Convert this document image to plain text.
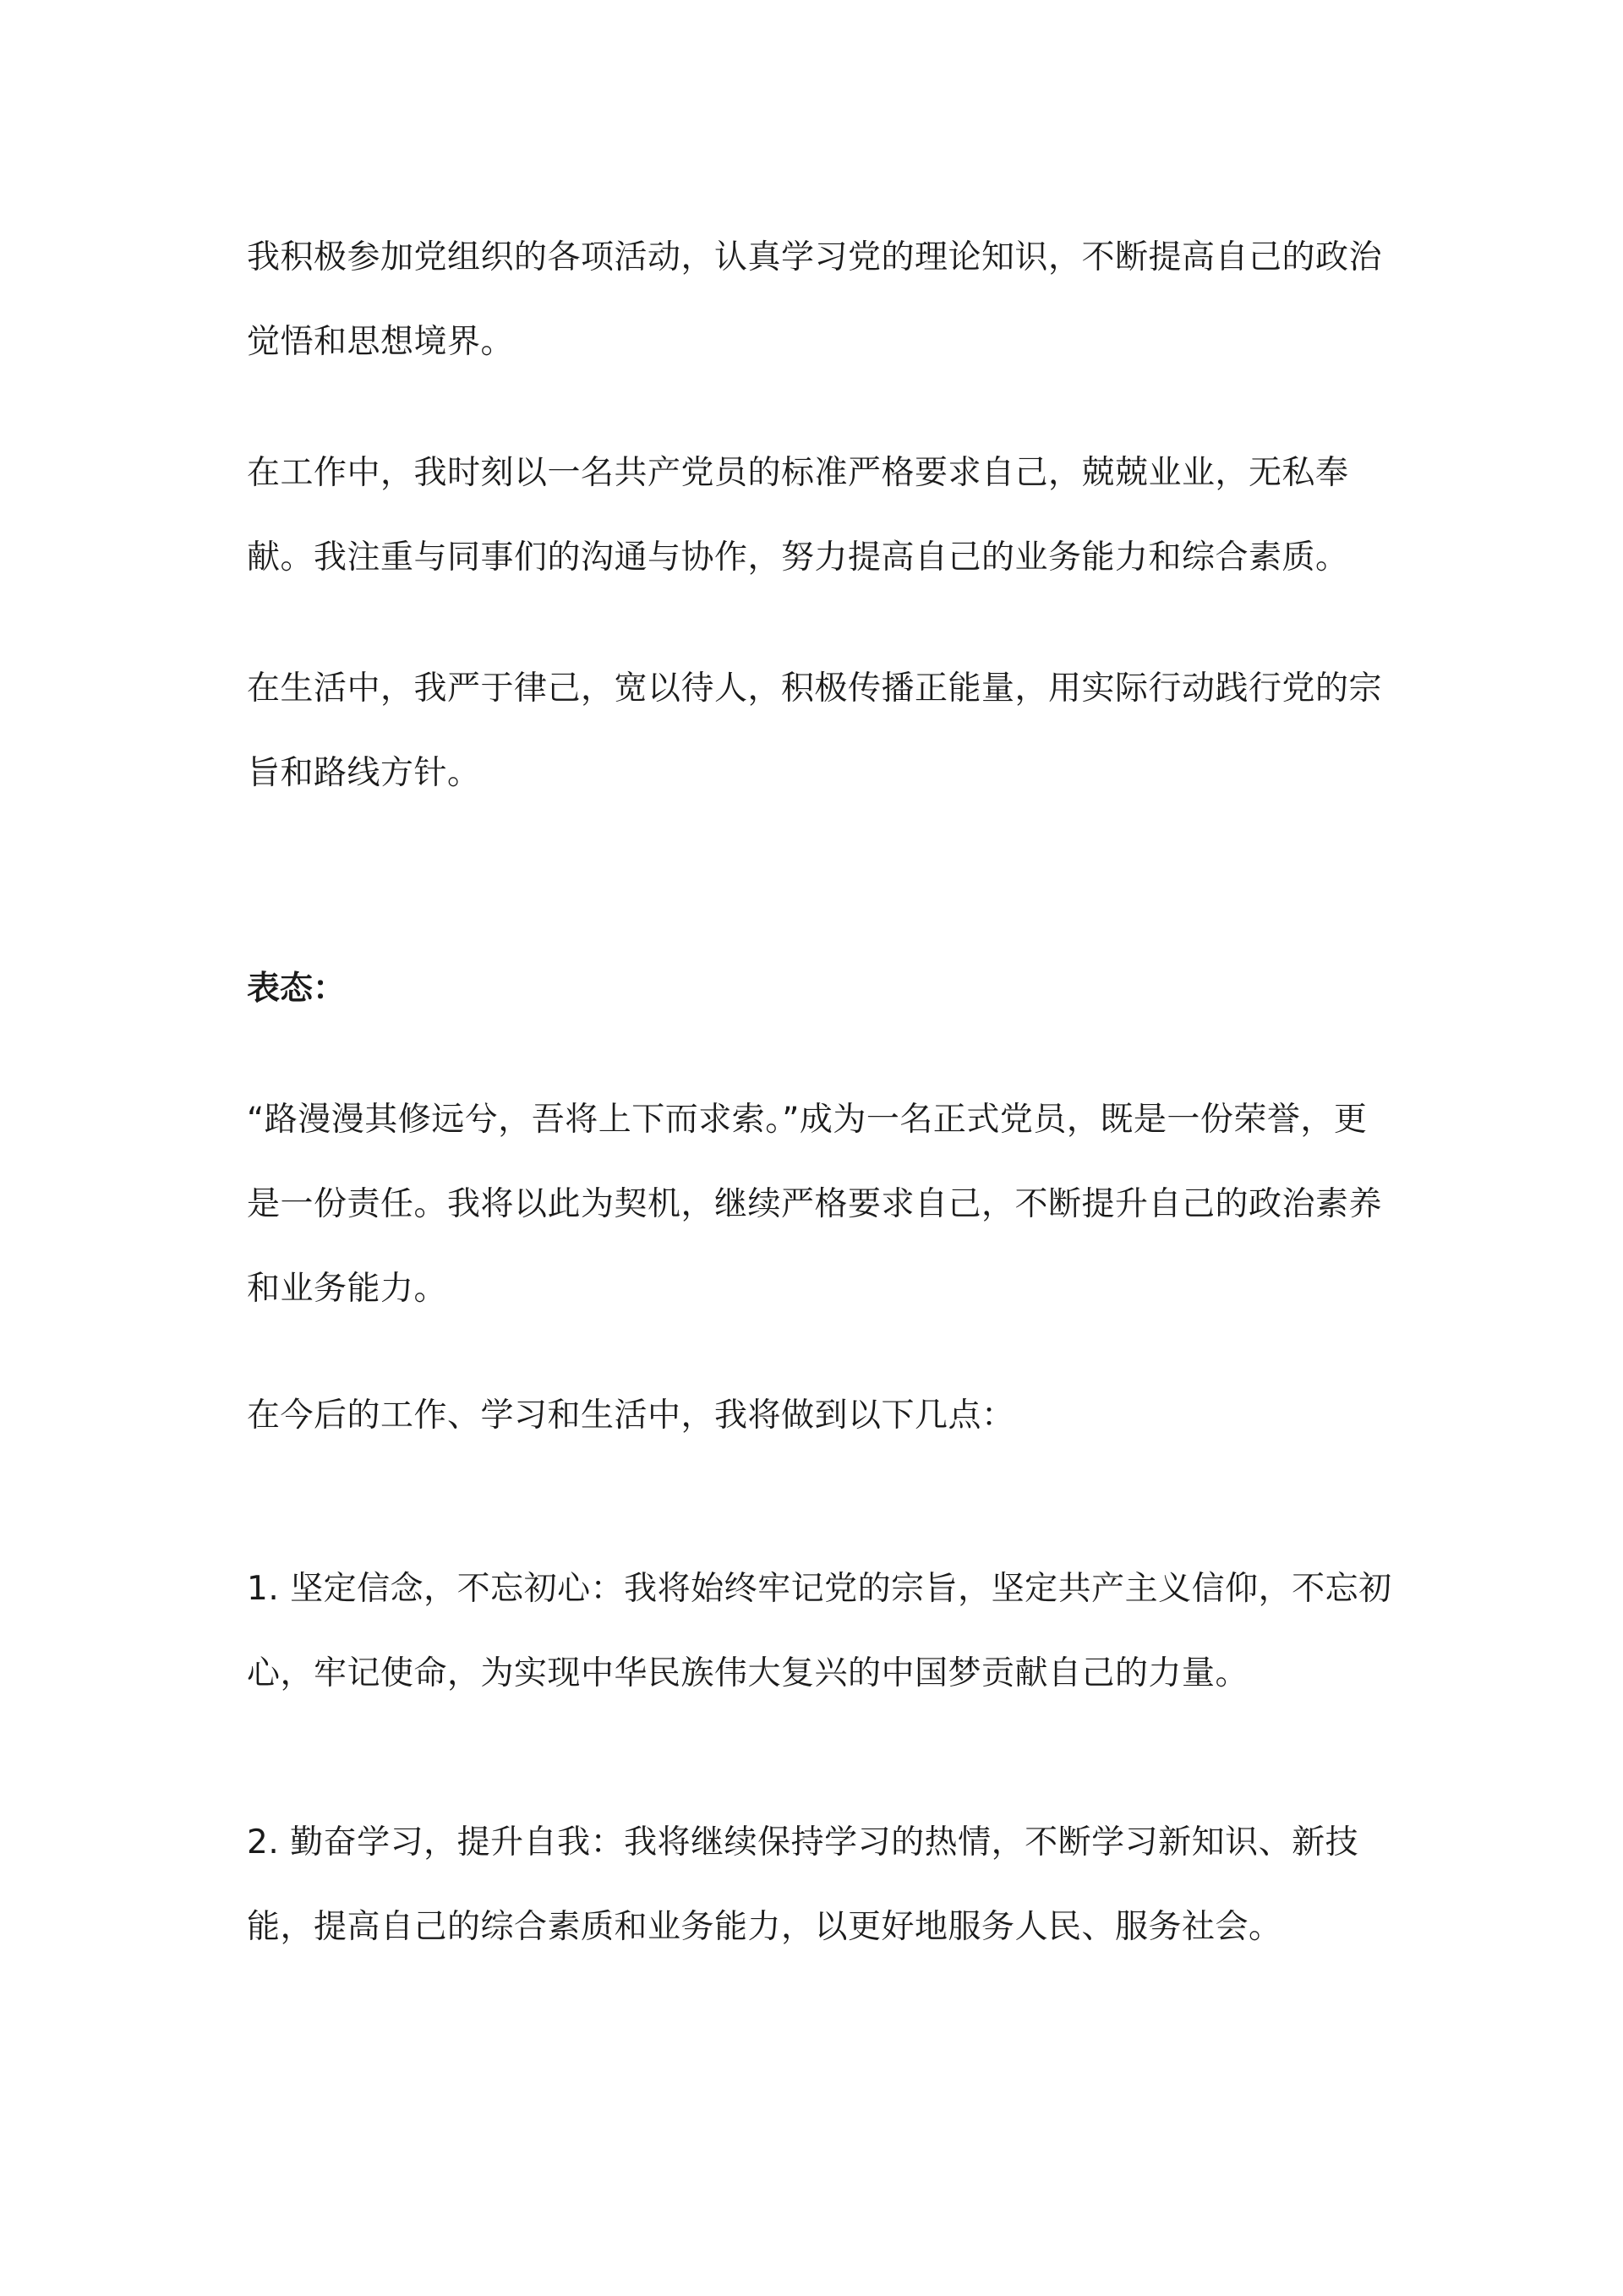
我积极参加党组织的各项活动，认真学习党的理论知识，不断提高自己的政治觉悟和思想境界。

在工作中，我时刻以一名共产党员的标准严格要求自己，兢兢业业，无私奉献。我注重与同事们的沟通与协作，努力提高自己的业务能力和综合素质。

在生活中，我严于律己，宽以待人，积极传播正能量，用实际行动践行党的宗旨和路线方针。

表态：

“路漫漫其修远兮，吾将上下而求索。”成为一名正式党员，既是一份荣誉，更是一份责任。我将以此为契机，继续严格要求自己，不断提升自己的政治素养和业务能力。

在今后的工作、学习和生活中，我将做到以下几点：

1. 坚定信念，不忘初心：我将始终牢记党的宗旨，坚定共产主义信仰，不忘初心，牢记使命，为实现中华民族伟大复兴的中国梦贡献自己的力量。

2. 勤奋学习，提升自我：我将继续保持学习的热情，不断学习新知识、新技能，提高自己的综合素质和业务能力，以更好地服务人民、服务社会。
